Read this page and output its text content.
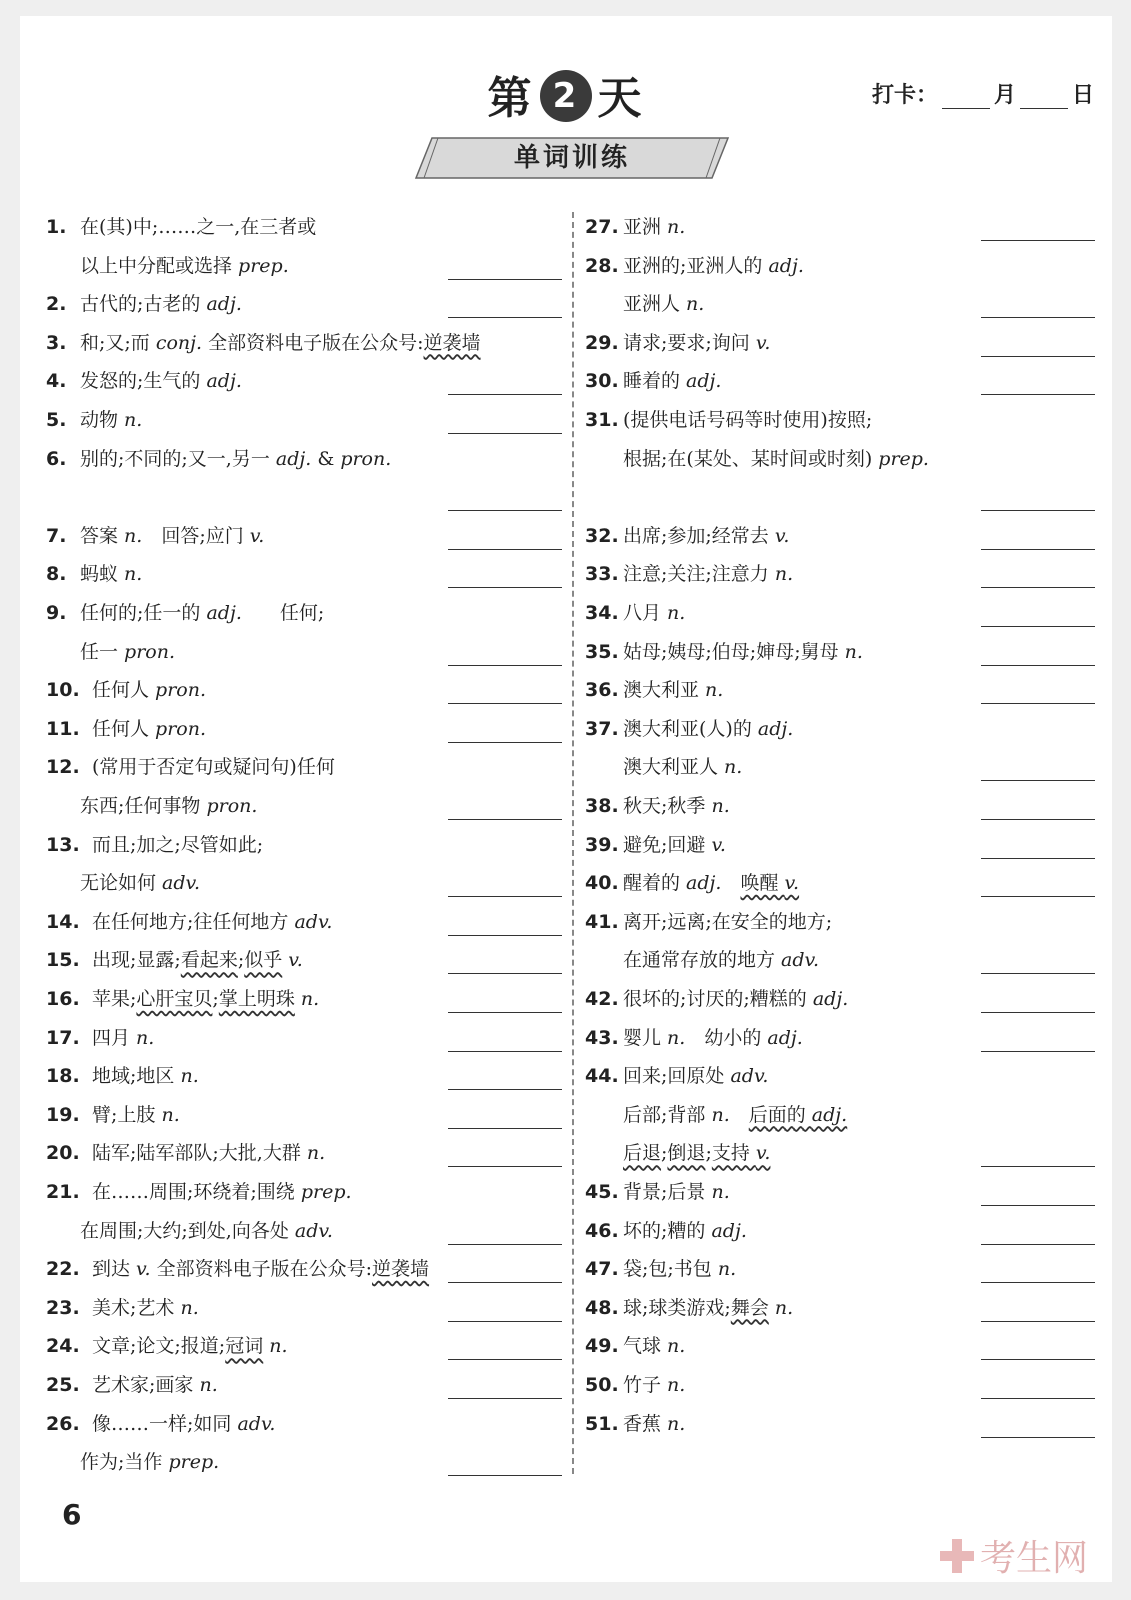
第 2 天	打卡：	月	日
单词训练
1. 在(其)中;……之一,在三者或
以上中分配或选择 prep.
2. 古代的;古老的 adj.
3. 和;又;而 conj. 全部资料电子版在公众号:逆袭墙
4. 发怒的;生气的 adj.
5. 动物 n.
6. 别的;不同的;又一,另一 adj. & pron.
7. 答案 n.　回答;应门 v.
8. 蚂蚁 n.
9. 任何的;任一的 adj.　　任何;
任一 pron.
10. 任何人 pron.
11. 任何人 pron.
12. (常用于否定句或疑问句)任何
东西;任何事物 pron.
13. 而且;加之;尽管如此;
无论如何 adv.
14. 在任何地方;往任何地方 adv.
15. 出现;显露;看起来;似乎 v.
16. 苹果;心肝宝贝;掌上明珠 n.
17. 四月 n.
18. 地域;地区 n.
19. 臂;上肢 n.
20. 陆军;陆军部队;大批,大群 n.
21. 在……周围;环绕着;围绕 prep.
在周围;大约;到处,向各处 adv.
22. 到达 v. 全部资料电子版在公众号:逆袭墙
23. 美术;艺术 n.
24. 文章;论文;报道;冠词 n.
25. 艺术家;画家 n.
26. 像……一样;如同 adv.
作为;当作 prep.
27. 亚洲 n.
28. 亚洲的;亚洲人的 adj.
亚洲人 n.
29. 请求;要求;询问 v.
30. 睡着的 adj.
31. (提供电话号码等时使用)按照;
根据;在(某处、某时间或时刻) prep.
32. 出席;参加;经常去 v.
33. 注意;关注;注意力 n.
34. 八月 n.
35. 姑母;姨母;伯母;婶母;舅母 n.
36. 澳大利亚 n.
37. 澳大利亚(人)的 adj.
澳大利亚人 n.
38. 秋天;秋季 n.
39. 避免;回避 v.
40. 醒着的 adj.　 唤醒 v.
41. 离开;远离;在安全的地方;
在通常存放的地方 adv.
42. 很坏的;讨厌的;糟糕的 adj.
43. 婴儿 n.　幼小的 adj.
44. 回来;回原处 adv.
后部;背部 n.　 后面的 adj.
后退;倒退;支持 v.
45. 背景;后景 n.
46. 坏的;糟的 adj.
47. 袋;包;书包 n.
48. 球;球类游戏;舞会 n.
49. 气球 n.
50. 竹子 n.
51. 香蕉 n.
6
考生网
